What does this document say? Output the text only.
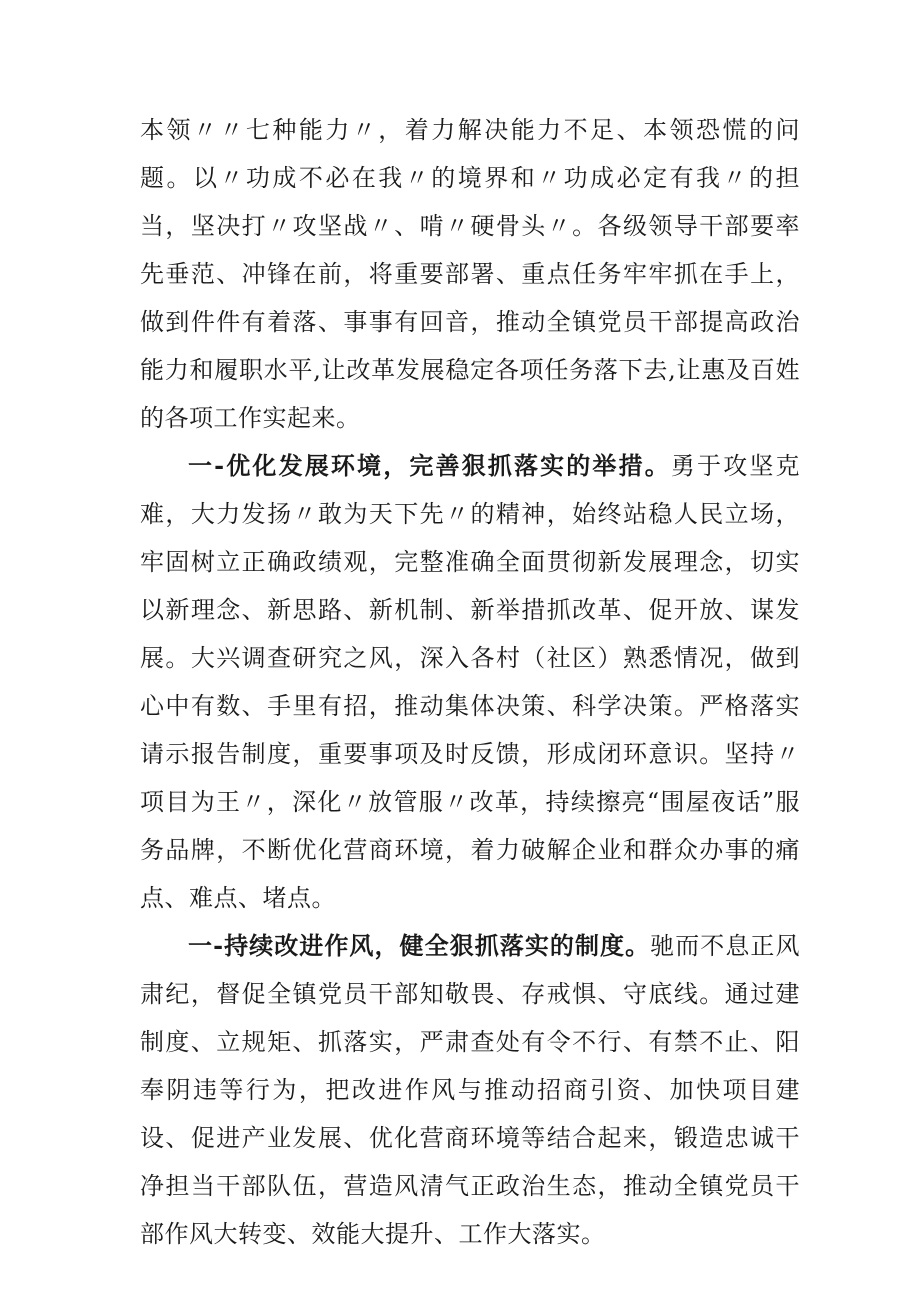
本领〃〃七种能力〃，着力解决能力不足、本领恐慌的问题。以〃功成不必在我〃的境界和〃功成必定有我〃的担当，坚决打〃攻坚战〃、啃〃硬骨头〃。各级领导干部要率先垂范、冲锋在前，将重要部署、重点任务牢牢抓在手上，做到件件有着落、事事有回音，推动全镇党员干部提高政治能力和履职水平,让改革发展稳定各项任务落下去,让惠及百姓的各项工作实起来。

一-优化发展环境，完善狠抓落实的举措。勇于攻坚克难，大力发扬〃敢为天下先〃的精神，始终站稳人民立场，牢固树立正确政绩观，完整准确全面贯彻新发展理念，切实以新理念、新思路、新机制、新举措抓改革、促开放、谋发展。大兴调查研究之风，深入各村（社区）熟悉情况，做到心中有数、手里有招，推动集体决策、科学决策。严格落实请示报告制度，重要事项及时反馈，形成闭环意识。坚持〃项目为王〃，深化〃放管服〃改革，持续擦亮“围屋夜话”服务品牌，不断优化营商环境，着力破解企业和群众办事的痛点、难点、堵点。

一-持续改进作风，健全狠抓落实的制度。驰而不息正风肃纪，督促全镇党员干部知敬畏、存戒惧、守底线。通过建制度、立规矩、抓落实，严肃查处有令不行、有禁不止、阳奉阴违等行为，把改进作风与推动招商引资、加快项目建设、促进产业发展、优化营商环境等结合起来，锻造忠诚干净担当干部队伍，营造风清气正政治生态，推动全镇党员干部作风大转变、效能大提升、工作大落实。
